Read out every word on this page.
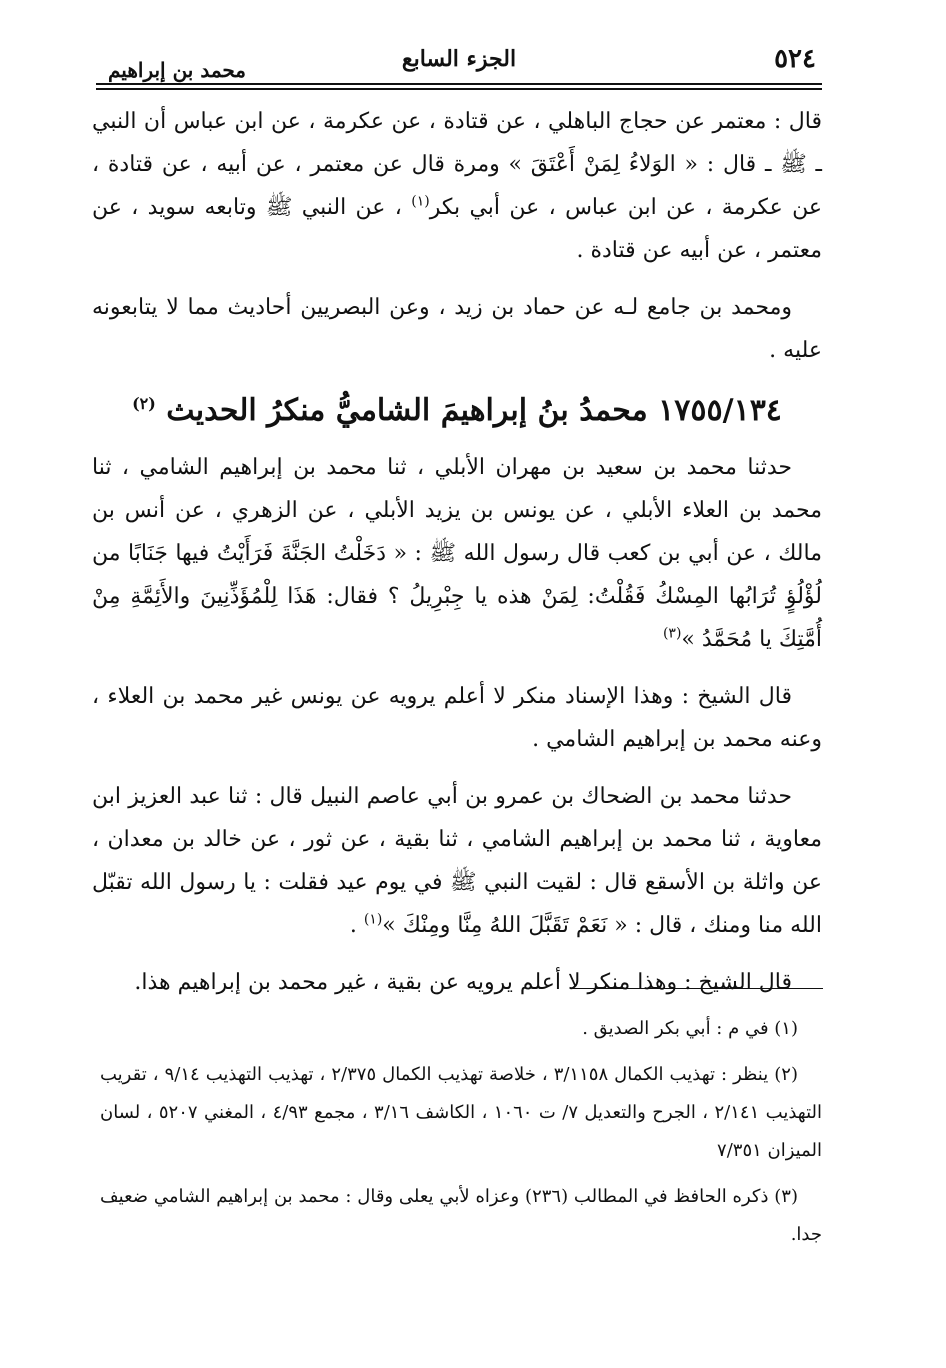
٥٢٤
الجزء السابع
محمد بن إبراهيم

قال : معتمر عن حجاج الباهلي ، عن قتادة ، عن عكرمة ، عن ابن عباس أن النبي ـ ﷺ ـ قال : « الوَلاءُ لِمَنْ أَعْتَقَ » ومرة قال عن معتمر ، عن أبيه ، عن قتادة ، عن عكرمة ، عن ابن عباس ، عن أبي بكر$^{(١)}$ ، عن النبي ﷺ وتابعه سويد ، عن معتمر ، عن أبيه عن قتادة .

ومحمد بن جامع لـه عن حماد بن زيد ، وعن البصريين أحاديث مما لا يتابعونه عليه .

١٧٥٥/١٣٤ محمدُ بنُ إبراهيمَ الشاميُّ منكرُ الحديث $^{(٢)}$

حدثنا محمد بن سعيد بن مهران الأبلي ، ثنا محمد بن إبراهيم الشامي ، ثنا محمد بن العلاء الأبلي ، عن يونس بن يزيد الأبلي ، عن الزهري ، عن أنس بن مالك ، عن أبي بن كعب قال رسول الله ﷺ : « دَخَلْتُ الجَنَّةَ فَرَأَيْتُ فيها جَنَابًا من لُؤْلُؤٍ تُرَابُها المِسْكُ فَقُلْتُ: لِمَنْ هذه يا جِبْرِيلُ ؟ فقال: هَذَا لِلْمُؤَذِّنِينَ والأَئِمَّةِ مِنْ أُمَّتِكَ يا مُحَمَّدُ »$^{(٣)}$

قال الشيخ : وهذا الإسناد منكر لا أعلم يرويه عن يونس غير محمد بن العلاء ، وعنه محمد بن إبراهيم الشامي .

حدثنا محمد بن الضحاك بن عمرو بن أبي عاصم النبيل قال : ثنا عبد العزيز ابن معاوية ، ثنا محمد بن إبراهيم الشامي ، ثنا بقية ، عن ثور ، عن خالد بن معدان ، عن واثلة بن الأسقع قال : لقيت النبي ﷺ في يوم عيد فقلت : يا رسول الله تقبّل الله منا ومنك ، قال : « نَعَمْ تَقَبَّلَ اللهُ مِنَّا ومِنْكَ »$^{(١)}$ .

قال الشيخ : وهذا منكر لا أعلم يرويه عن بقية ، غير محمد بن إبراهيم هذا.

(١) في م : أبي بكر الصديق .

(٢) ينظر : تهذيب الكمال ٣/١١٥٨ ، خلاصة تهذيب الكمال ٢/٣٧٥ ، تهذيب التهذيب ٩/١٤ ، تقريب التهذيب ٢/١٤١ ، الجرح والتعديل ٧/ ت ١٠٦٠ ، الكاشف ٣/١٦ ، مجمع ٤/٩٣ ، المغني ٥٢٠٧ ، لسان الميزان ٧/٣٥١

(٣) ذكره الحافظ في المطالب (٢٣٦) وعزاه لأبي يعلى وقال : محمد بن إبراهيم الشامي ضعيف جدا.
